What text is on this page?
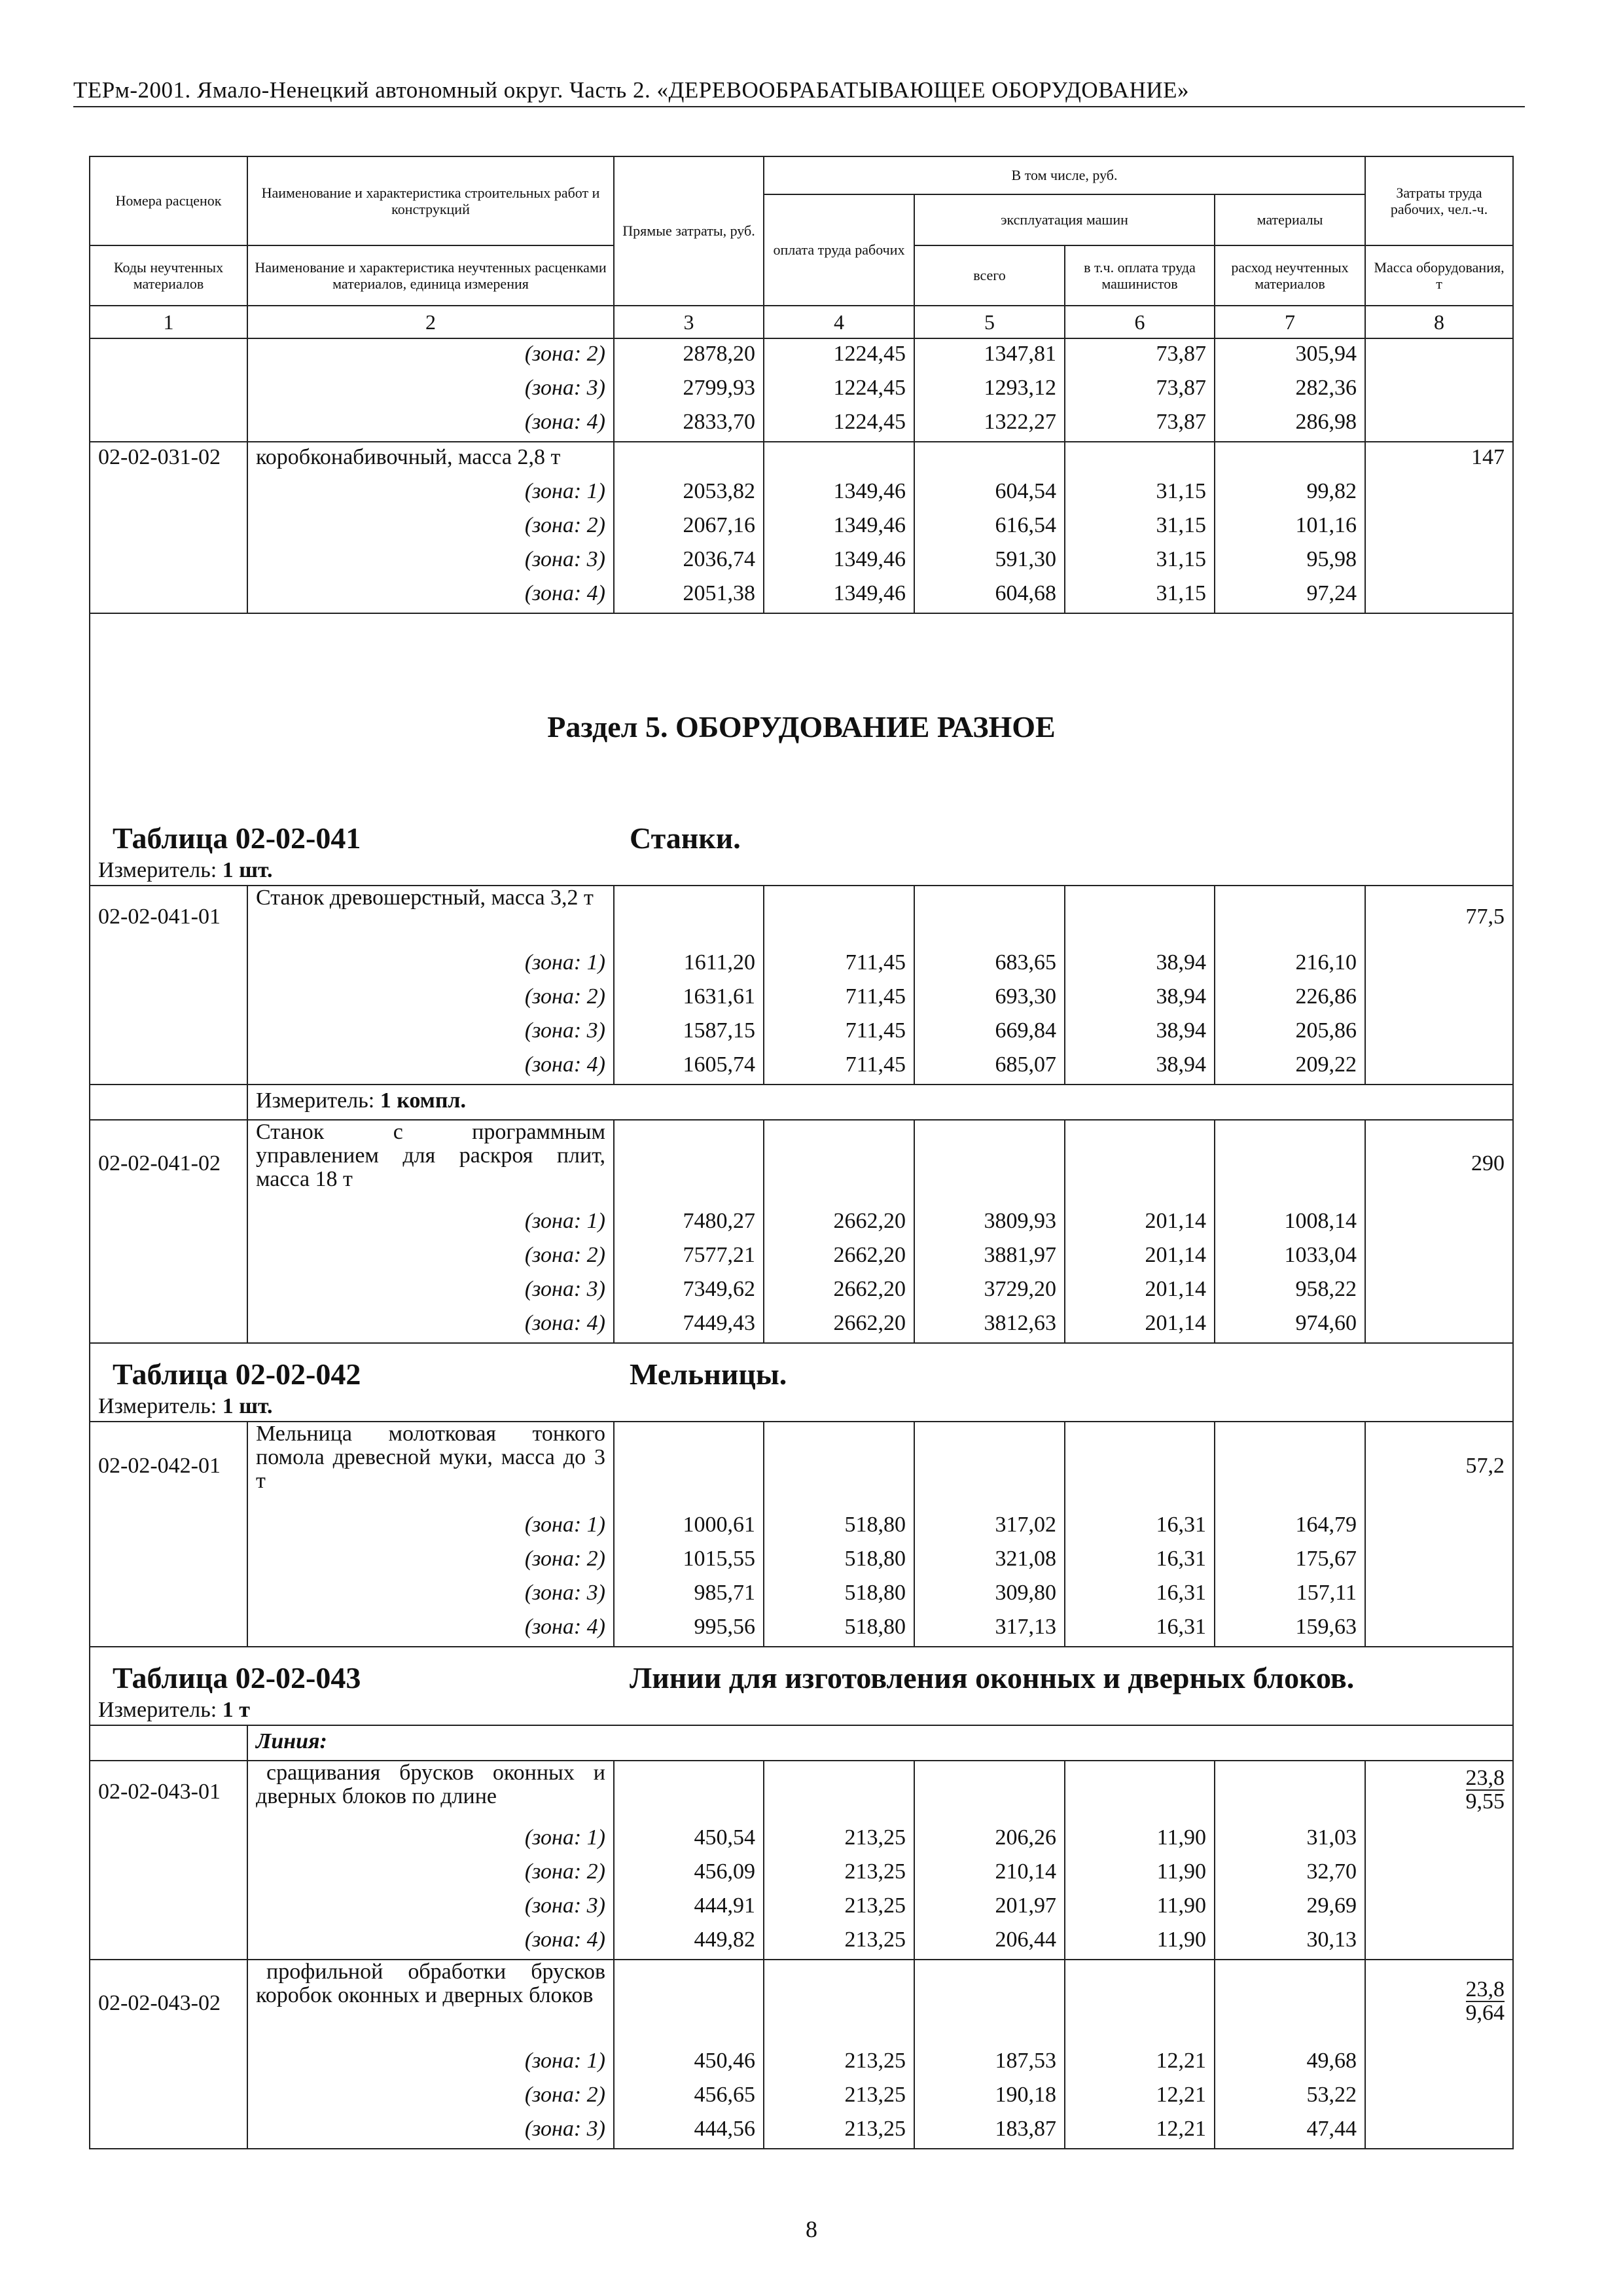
ТЕРм-2001. Ямало-Ненецкий автономный округ. Часть 2. «ДЕРЕВООБРАБАТЫВАЮЩЕЕ ОБОРУДОВАНИЕ»
Номера расценок	Наименование и характеристика строительных работ и конструкций	Прямые затраты, руб.	В том числе, руб.				Затраты труда рабочих, чел.-ч.
			оплата труда рабочих	эксплуатация машин		материалы	
Коды неучтенных материалов	Наименование и характеристика неучтенных расценками материалов, единица измерения			всего	в т.ч. оплата труда машинистов	расход неучтенных материалов	Масса оборудования, т
1	2	3	4	5	6	7	8
	(зона: 2)	2878,20	1224,45	1347,81	73,87	305,94	
	(зона: 3)	2799,93	1224,45	1293,12	73,87	282,36	
	(зона: 4)	2833,70	1224,45	1322,27	73,87	286,98	
02-02-031-02	коробконабивочный, масса 2,8 т						147
	(зона: 1)	2053,82	1349,46	604,54	31,15	99,82	
	(зона: 2)	2067,16	1349,46	616,54	31,15	101,16	
	(зона: 3)	2036,74	1349,46	591,30	31,15	95,98	
	(зона: 4)	2051,38	1349,46	604,68	31,15	97,24	

Раздел 5. ОБОРУДОВАНИЕ РАЗНОЕ							

Таблица 02-02-041 Станки.							
Измеритель: 1 шт.							
02-02-041-01	Станок древошерстный, масса 3,2 т						77,5
	(зона: 1)	1611,20	711,45	683,65	38,94	216,10	
	(зона: 2)	1631,61	711,45	693,30	38,94	226,86	
	(зона: 3)	1587,15	711,45	669,84	38,94	205,86	
	(зона: 4)	1605,74	711,45	685,07	38,94	209,22	
	Измеритель: 1 компл.						
02-02-041-02	Станок с программным управлением для раскроя плит, масса 18 т						290
	(зона: 1)	7480,27	2662,20	3809,93	201,14	1008,14	
	(зона: 2)	7577,21	2662,20	3881,97	201,14	1033,04	
	(зона: 3)	7349,62	2662,20	3729,20	201,14	958,22	
	(зона: 4)	7449,43	2662,20	3812,63	201,14	974,60	
Таблица 02-02-042 Мельницы.							
Измеритель: 1 шт.							
02-02-042-01	Мельница молотковая тонкого помола древесной муки, масса до 3 т						57,2
	(зона: 1)	1000,61	518,80	317,02	16,31	164,79	
	(зона: 2)	1015,55	518,80	321,08	16,31	175,67	
	(зона: 3)	985,71	518,80	309,80	16,31	157,11	
	(зона: 4)	995,56	518,80	317,13	16,31	159,63	
Таблица 02-02-043 Линии для изготовления оконных и дверных блоков.							
Измеритель: 1 т							
	Линия:						
02-02-043-01	сращивания брусков оконных и дверных блоков по длине						$\frac{23,8}{9,55}$

	(зона: 1)	450,54	213,25	206,26	11,90	31,03	
	(зона: 2)	456,09	213,25	210,14	11,90	32,70	
	(зона: 3)	444,91	213,25	201,97	11,90	29,69	
	(зона: 4)	449,82	213,25	206,44	11,90	30,13	
02-02-043-02	профильной обработки брусков коробок оконных и дверных блоков						$\frac{23,8}{9,64}$

	(зона: 1)	450,46	213,25	187,53	12,21	49,68	
	(зона: 2)	456,65	213,25	190,18	12,21	53,22	
	(зона: 3)	444,56	213,25	183,87	12,21	47,44	
8
